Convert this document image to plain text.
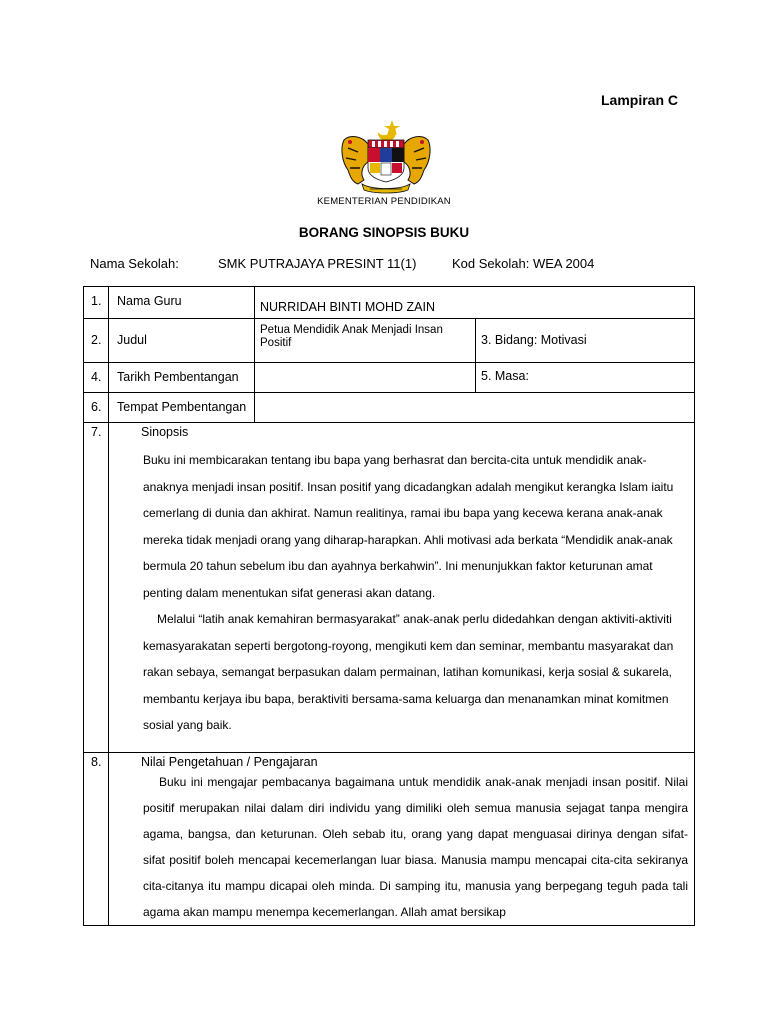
Lampiran C
KEMENTERIAN PENDIDIKAN
BORANG SINOPSIS BUKU
Nama Sekolah:	SMK PUTRAJAYA PRESINT 11(1)	Kod Sekolah: WEA 2004
1.	Nama Guru	NURRIDAH BINTI MOHD ZAIN	
2.	Judul	Petua Mendidik Anak Menjadi Insan Positif	3. Bidang: Motivasi
4.	Tarikh Pembentangan		5. Masa:
6.	Tempat Pembentangan		
7.	Sinopsis

Buku ini membicarakan tentang ibu bapa yang berhasrat dan bercita-cita untuk mendidik anak-anaknya menjadi insan positif. Insan positif yang dicadangkan adalah mengikut kerangka Islam iaitu cemerlang di dunia dan akhirat. Namun realitinya, ramai ibu bapa yang kecewa kerana anak-anak mereka tidak menjadi orang yang diharap-harapkan. Ahli motivasi ada berkata “Mendidik anak-anak bermula 20 tahun sebelum ibu dan ayahnya berkahwin”. Ini menunjukkan faktor keturunan amat penting dalam menentukan sifat generasi akan datang.

Melalui “latih anak kemahiran bermasyarakat” anak-anak perlu didedahkan dengan aktiviti-aktiviti kemasyarakatan seperti bergotong-royong, mengikuti kem dan seminar, membantu masyarakat dan rakan sebaya, semangat berpasukan dalam permainan, latihan komunikasi, kerja sosial & sukarela, membantu kerjaya ibu bapa, beraktiviti bersama-sama keluarga dan menanamkan minat komitmen sosial yang baik.		

8.	Nilai Pengetahuan / Pengajaran

Buku ini mengajar pembacanya bagaimana untuk mendidik anak-anak menjadi insan positif. Nilai positif merupakan nilai dalam diri individu yang dimiliki oleh semua manusia sejagat tanpa mengira agama, bangsa, dan keturunan. Oleh sebab itu, orang yang dapat menguasai dirinya dengan sifat- sifat positif boleh mencapai kecemerlangan luar biasa. Manusia mampu mencapai cita-cita sekiranya cita-citanya itu mampu dicapai oleh minda. Di samping itu, manusia yang berpegang teguh pada tali agama akan mampu menempa kecemerlangan. Allah amat bersikap		
